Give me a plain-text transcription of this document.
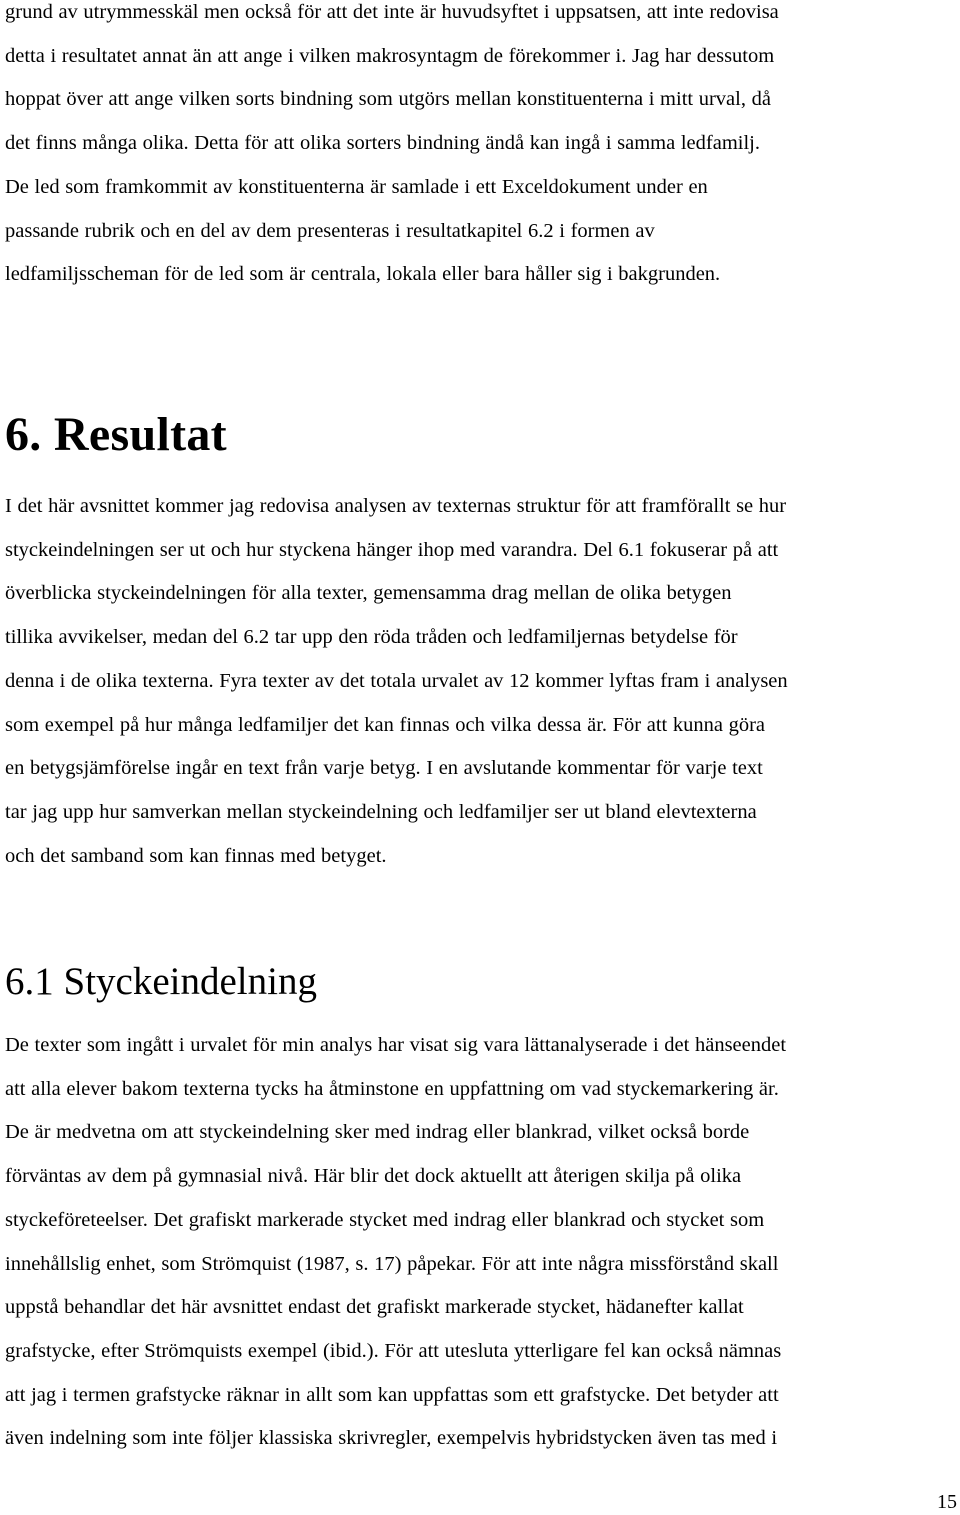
grund av utrymmesskäl men också för att det inte är huvudsyftet i uppsatsen, att inte redovisa
detta i resultatet annat än att ange i vilken makrosyntagm de förekommer i. Jag har dessutom
hoppat över att ange vilken sorts bindning som utgörs mellan konstituenterna i mitt urval, då
det finns många olika. Detta för att olika sorters bindning ändå kan ingå i samma ledfamilj.
De led som framkommit av konstituenterna är samlade i ett Exceldokument under en
passande rubrik och en del av dem presenteras i resultatkapitel 6.2 i formen av
ledfamiljsscheman för de led som är centrala, lokala eller bara håller sig i bakgrunden.

6. Resultat

I det här avsnittet kommer jag redovisa analysen av texternas struktur för att framförallt se hur
styckeindelningen ser ut och hur styckena hänger ihop med varandra. Del 6.1 fokuserar på att
överblicka styckeindelningen för alla texter, gemensamma drag mellan de olika betygen
tillika avvikelser, medan del 6.2 tar upp den röda tråden och ledfamiljernas betydelse för
denna i de olika texterna. Fyra texter av det totala urvalet av 12 kommer lyftas fram i analysen
som exempel på hur många ledfamiljer det kan finnas och vilka dessa är. För att kunna göra
en betygsjämförelse ingår en text från varje betyg. I en avslutande kommentar för varje text
tar jag upp hur samverkan mellan styckeindelning och ledfamiljer ser ut bland elevtexterna
och det samband som kan finnas med betyget.

6.1 Styckeindelning

De texter som ingått i urvalet för min analys har visat sig vara lättanalyserade i det hänseendet
att alla elever bakom texterna tycks ha åtminstone en uppfattning om vad styckemarkering är.
De är medvetna om att styckeindelning sker med indrag eller blankrad, vilket också borde
förväntas av dem på gymnasial nivå. Här blir det dock aktuellt att återigen skilja på olika
styckeföreteelser. Det grafiskt markerade stycket med indrag eller blankrad och stycket som
innehållslig enhet, som Strömquist (1987, s. 17) påpekar. För att inte några missförstånd skall
uppstå behandlar det här avsnittet endast det grafiskt markerade stycket, hädanefter kallat
grafstycke, efter Strömquists exempel (ibid.). För att utesluta ytterligare fel kan också nämnas
att jag i termen grafstycke räknar in allt som kan uppfattas som ett grafstycke. Det betyder att
även indelning som inte följer klassiska skrivregler, exempelvis hybridstycken även tas med i

15
